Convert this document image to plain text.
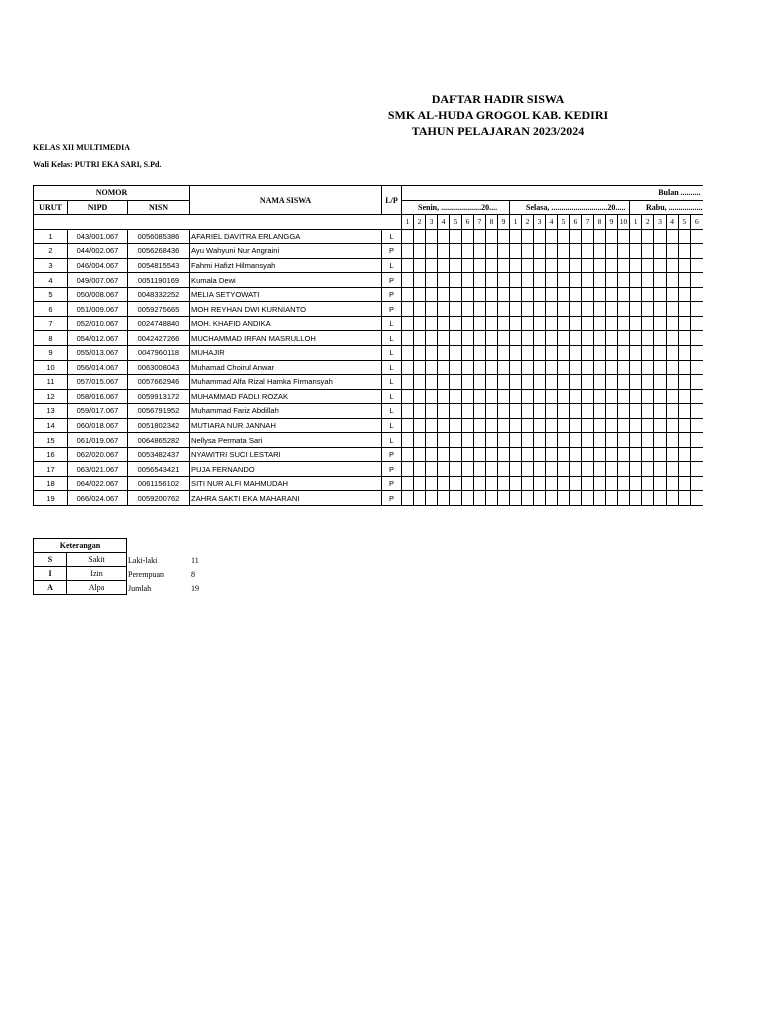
DAFTAR HADIR SISWA
SMK AL-HUDA GROGOL KAB. KEDIRI
TAHUN PELAJARAN 2023/2024
KELAS XII MULTIMEDIA
Wali Kelas: PUTRI EKA SARI, S.Pd.
NOMOR			NAMA SISWA	L/P	Bulan ..........																								
URUT	NIPD	NISN			Senin, ....................20....									Selasa, ............................20.....										Rabu, .................					
					1	2	3	4	5	6	7	8	9	1	2	3	4	5	6	7	8	9	10	1	2	3	4	5	6
1	043/001.067	0056085386	AFARIEL DAVITRA ERLANGGA	L																									
2	044/002.067	0056268436	Ayu Wahyuni Nur Angraini	P																									
3	046/004.067	0054815543	Fahmi Hafizt Hilmansyah	L																									
4	049/007.067	0051190169	Kumala Dewi	P																									
5	050/008.067	0048332252	MELIA SETYOWATI	P																									
6	051/009.067	0059275665	MOH REYHAN DWI KURNIANTO	P																									
7	052/010.067	0024748840	MOH. KHAFID ANDIKA	L																									
8	054/012.067	0042427266	MUCHAMMAD IRFAN MASRULLOH	L																									
9	055/013.067	0047960118	MUHAJIR	L																									
10	056/014.067	0063008043	Muhamad Choirul Anwar	L																									
11	057/015.067	0057662946	Muhammad Alfa Rizal Hamka Firmansyah	L																									
12	058/016.067	0059913172	MUHAMMAD FADLI ROZAK	L																									
13	059/017.067	0056791952	Muhammad Fariz Abdillah	L																									
14	060/018.067	0051802342	MUTIARA NUR JANNAH	L																									
15	061/019.067	0064865282	Nellysa Permata Sari	L																									
16	062/020.067	0053482437	NYAWITRI SUCI LESTARI	P																									
17	063/021.067	0056543421	PUJA FERNANDO	P																									
18	064/022.067	0061156102	SITI NUR ALFI MAHMUDAH	P																									
19	066/024.067	0059200762	ZAHRA SAKTI EKA MAHARANI	P																									
Keterangan	
S	Sakit
I	Izin
A	Alpa
Laki-laki	11
Perempuan	8
Jumlah	19
